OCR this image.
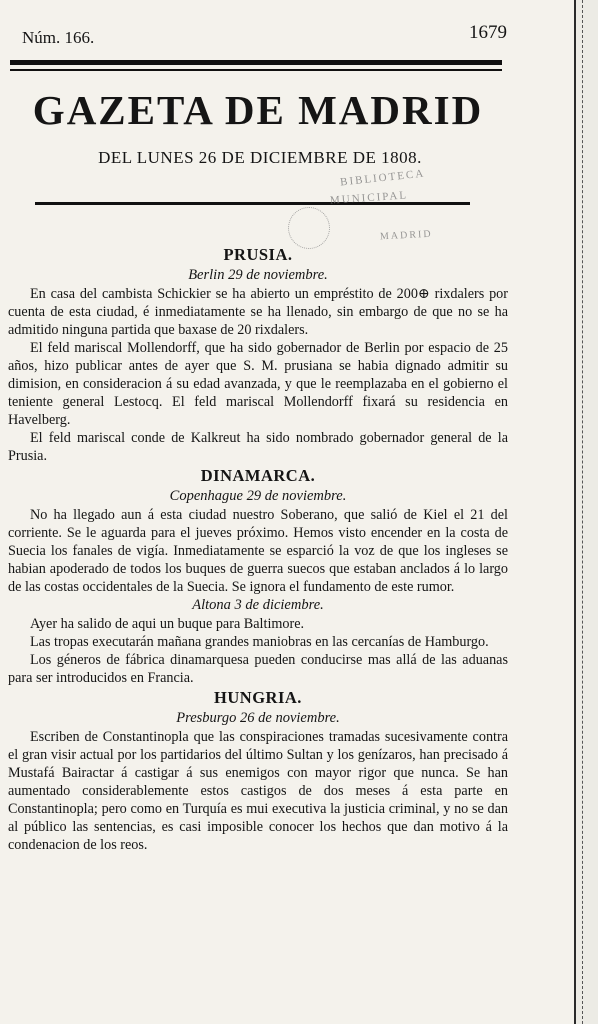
Núm. 166.	1679
GAZETA DE MADRID
DEL LUNES 26 DE DICIEMBRE DE 1808.
BIBLIOTECA
MUNICIPAL
MADRID
PRUSIA.

Berlin 29 de noviembre.

En casa del cambista Schickier se ha abierto un empréstito de 200⊕ rixdalers por cuenta de esta ciudad, é inmediatamente se ha llenado, sin embargo de que no se ha admitido ninguna partida que baxase de 20 rixdalers.

El feld mariscal Mollendorff, que ha sido gobernador de Berlin por espacio de 25 años, hizo publicar antes de ayer que S. M. prusiana se habia dignado admitir su dimision, en consideracion á su edad avanzada, y que le reemplazaba en el gobierno el teniente general Lestocq. El feld mariscal Mollendorff fixará su residencia en Havelberg.

El feld mariscal conde de Kalkreut ha sido nombrado gobernador general de la Prusia.

DINAMARCA.

Copenhague 29 de noviembre.

No ha llegado aun á esta ciudad nuestro Soberano, que salió de Kiel el 21 del corriente. Se le aguarda para el jueves próximo. Hemos visto encender en la costa de Suecia los fanales de vigía. Inmediatamente se esparció la voz de que los ingleses se habian apoderado de todos los buques de guerra suecos que estaban anclados á lo largo de las costas occidentales de la Suecia. Se ignora el fundamento de este rumor.

Altona 3 de diciembre.

Ayer ha salido de aqui un buque para Baltimore.

Las tropas executarán mañana grandes maniobras en las cercanías de Hamburgo.

Los géneros de fábrica dinamarquesa pueden conducirse mas allá de las aduanas para ser introducidos en Francia.

HUNGRIA.

Presburgo 26 de noviembre.

Escriben de Constantinopla que las conspiraciones tramadas sucesivamente contra el gran visir actual por los partidarios del último Sultan y los genízaros, han precisado á Mustafá Bairactar á castigar á sus enemigos con mayor rigor que nunca. Se han aumentado considerablemente estos castigos de dos meses á esta parte en Constantinopla; pero como en Turquía es mui executiva la justicia criminal, y no se dan al público las sentencias, es casi imposible conocer los hechos que dan motivo á la condenacion de los reos.
